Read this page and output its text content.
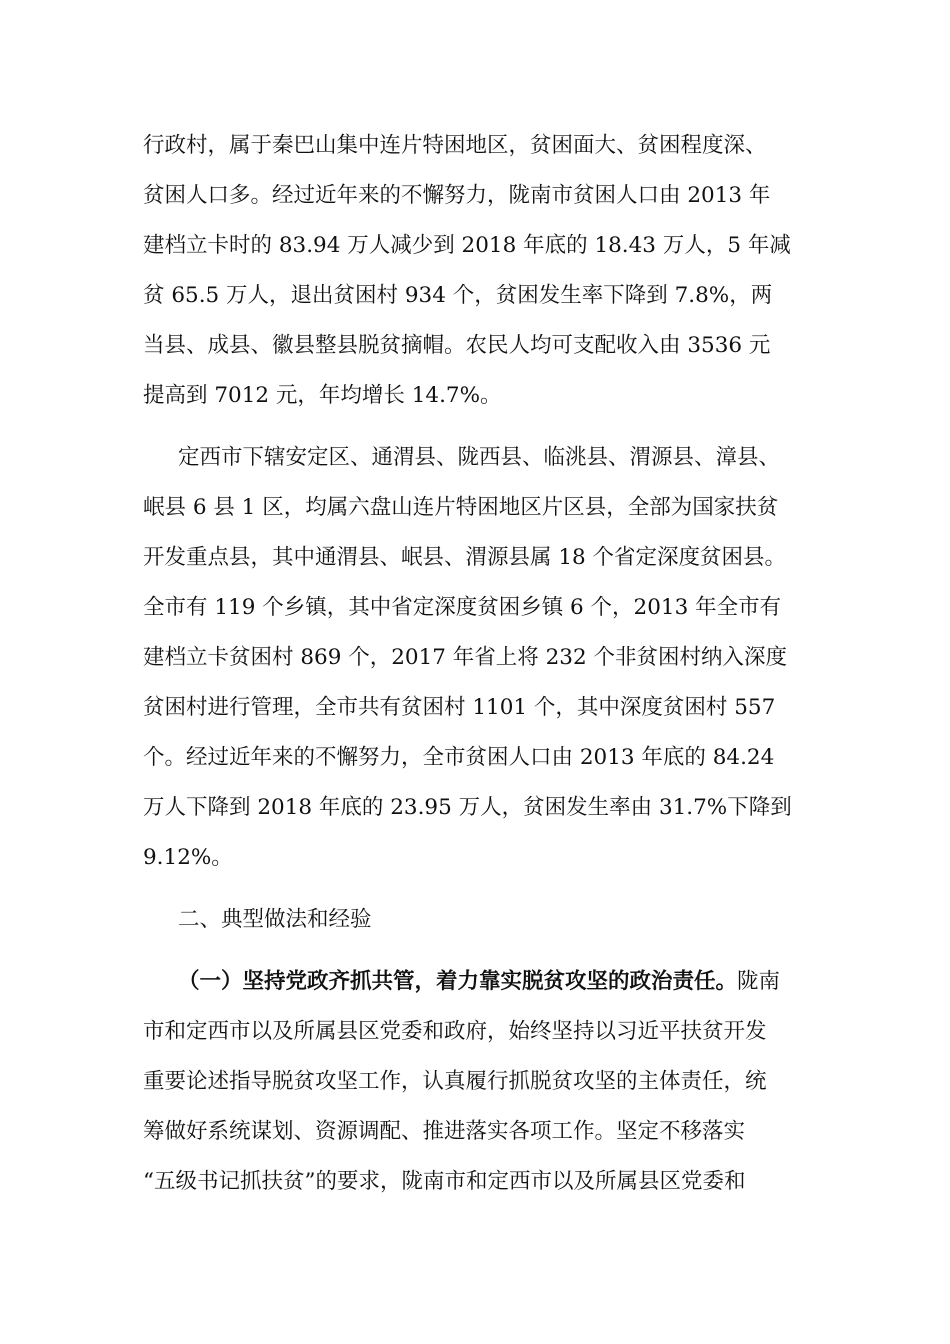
行政村，属于秦巴山集中连片特困地区，贫困面大、贫困程度深、
贫困人口多。经过近年来的不懈努力，陇南市贫困人口由 2013 年
建档立卡时的 83.94 万人减少到 2018 年底的 18.43 万人，5 年减
贫 65.5 万人，退出贫困村 934 个，贫困发生率下降到 7.8%，两
当县、成县、徽县整县脱贫摘帽。农民人均可支配收入由 3536 元
提高到 7012 元，年均增长 14.7%。
定西市下辖安定区、通渭县、陇西县、临洮县、渭源县、漳县、
岷县 6 县 1 区，均属六盘山连片特困地区片区县，全部为国家扶贫
开发重点县，其中通渭县、岷县、渭源县属 18 个省定深度贫困县。
全市有 119 个乡镇，其中省定深度贫困乡镇 6 个，2013 年全市有
建档立卡贫困村 869 个，2017 年省上将 232 个非贫困村纳入深度
贫困村进行管理，全市共有贫困村 1101 个，其中深度贫困村 557
个。经过近年来的不懈努力，全市贫困人口由 2013 年底的 84.24
万人下降到 2018 年底的 23.95 万人，贫困发生率由 31.7%下降到
9.12%。
二、典型做法和经验
（一）坚持党政齐抓共管，着力靠实脱贫攻坚的政治责任。陇南
市和定西市以及所属县区党委和政府，始终坚持以习近平扶贫开发
重要论述指导脱贫攻坚工作，认真履行抓脱贫攻坚的主体责任，统
筹做好系统谋划、资源调配、推进落实各项工作。坚定不移落实
“五级书记抓扶贫”的要求，陇南市和定西市以及所属县区党委和
